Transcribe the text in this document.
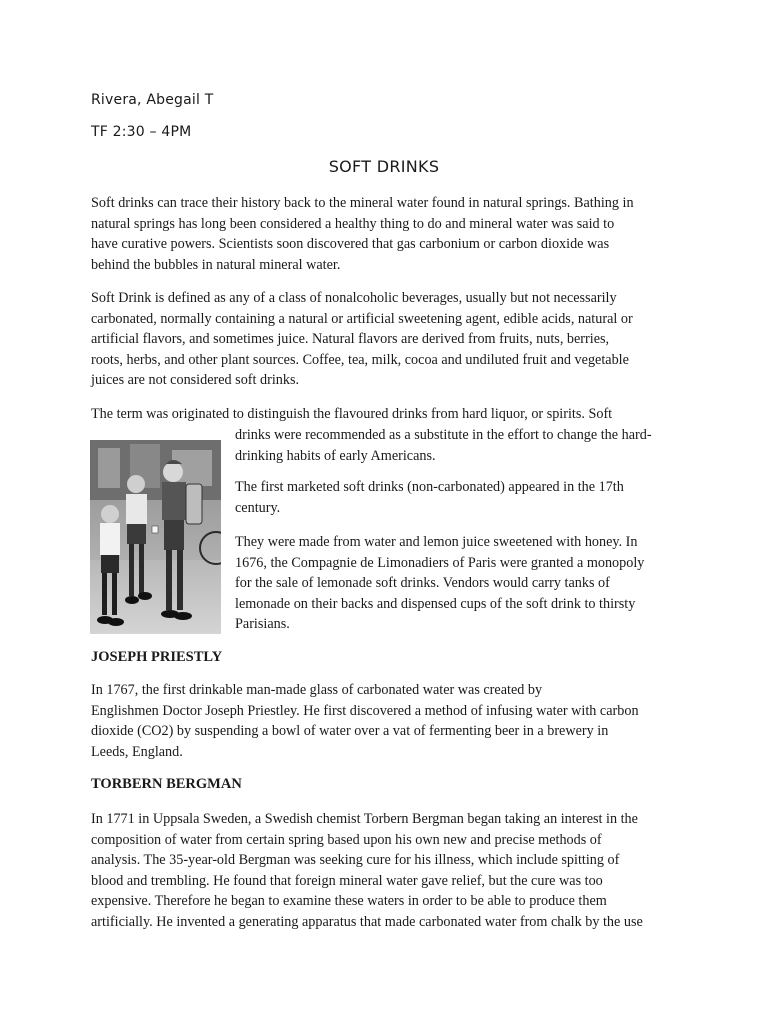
Rivera, Abegail T
TF 2:30 – 4PM
SOFT DRINKS
Soft drinks can trace their history back to the mineral water found in natural springs. Bathing in
natural springs has long been considered a healthy thing to do and mineral water was said to
have curative powers. Scientists soon discovered that gas carbonium or carbon dioxide was
behind the bubbles in natural mineral water.
Soft Drink is defined as any of a class of nonalcoholic beverages, usually but not necessarily
carbonated, normally containing a natural or artificial sweetening agent, edible acids, natural or
artificial flavors, and sometimes juice. Natural flavors are derived from fruits, nuts, berries,
roots, herbs, and other plant sources. Coffee, tea, milk, cocoa and undiluted fruit and vegetable
juices are not considered soft drinks.
The term was originated to distinguish the flavoured drinks from hard liquor, or spirits. Soft
drinks were recommended as a substitute in the effort to change the hard-
drinking habits of early Americans.
The first marketed soft drinks (non-carbonated) appeared in the 17th
century.
They were made from water and lemon juice sweetened with honey. In
1676, the Compagnie de Limonadiers of Paris were granted a monopoly
for the sale of lemonade soft drinks. Vendors would carry tanks of
lemonade on their backs and dispensed cups of the soft drink to thirsty
Parisians.
JOSEPH PRIESTLY
In 1767, the first drinkable man-made glass of carbonated water was created by
Englishmen Doctor Joseph Priestley. He first discovered a method of infusing water with carbon
dioxide (CO2) by suspending a bowl of water over a vat of fermenting beer in a brewery in
Leeds, England.
TORBERN BERGMAN
In 1771 in Uppsala Sweden, a Swedish chemist Torbern Bergman began taking an interest in the
composition of water from certain spring based upon his own new and precise methods of
analysis. The 35-year-old Bergman was seeking cure for his illness, which include spitting of
blood and trembling. He found that foreign mineral water gave relief, but the cure was too
expensive. Therefore he began to examine these waters in order to be able to produce them
artificially. He invented a generating apparatus that made carbonated water from chalk by the use
